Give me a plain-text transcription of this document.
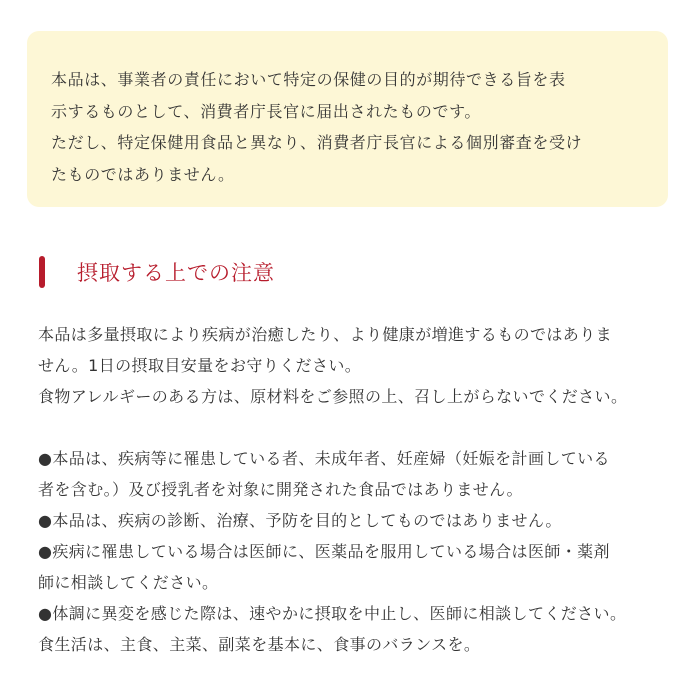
本品は、事業者の責任において特定の保健の目的が期待できる旨を表

示するものとして、消費者庁長官に届出されたものです。

ただし、特定保健用食品と異なり、消費者庁長官による個別審査を受け

たものではありません。

摂取する上での注意

本品は多量摂取により疾病が治癒したり、より健康が増進するものではありま

せん。1日の摂取目安量をお守りください。

食物アレルギーのある方は、原材料をご参照の上、召し上がらないでください。

●本品は、疾病等に罹患している者、未成年者、妊産婦（妊娠を計画している

者を含む。）及び授乳者を対象に開発された食品ではありません。

●本品は、疾病の診断、治療、予防を目的としてものではありません。

●疾病に罹患している場合は医師に、医薬品を服用している場合は医師・薬剤

師に相談してください。

●体調に異変を感じた際は、速やかに摂取を中止し、医師に相談してください。

食生活は、主食、主菜、副菜を基本に、食事のバランスを。
